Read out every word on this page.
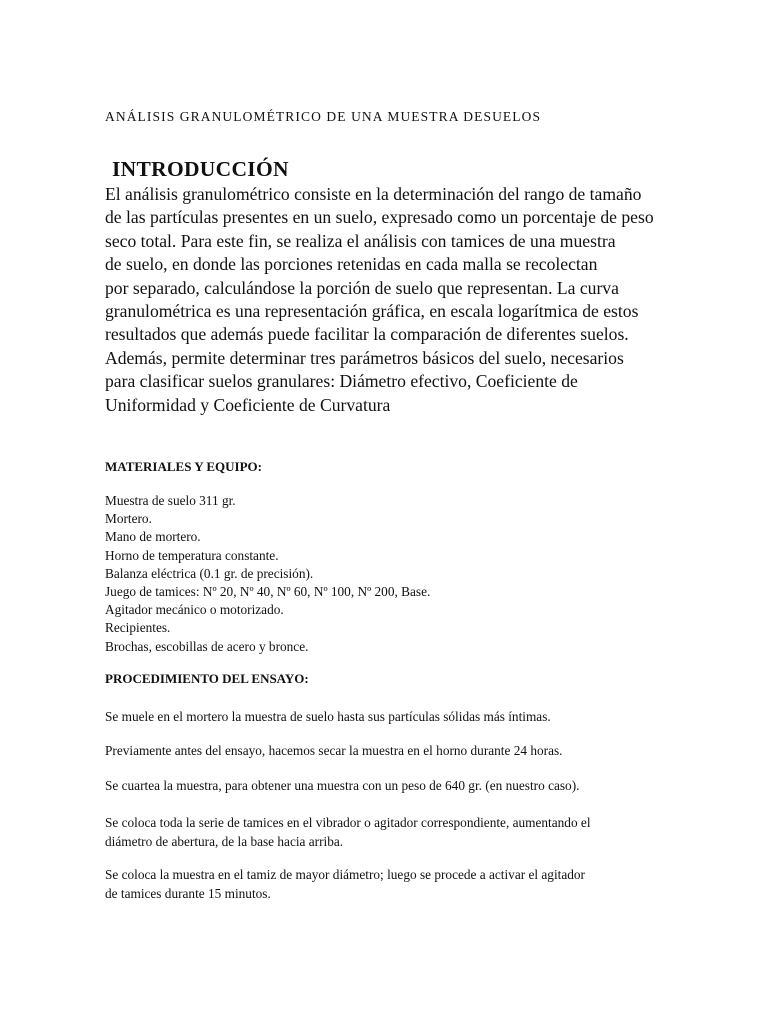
ANÁLISIS GRANULOMÉTRICO DE UNA MUESTRA DESUELOS
INTRODUCCIÓN
El análisis granulométrico consiste en la determinación del rango de tamaño
de las partículas presentes en un suelo, expresado como un porcentaje de peso
seco total. Para este fin, se realiza el análisis con tamices de una muestra
de suelo, en donde las porciones retenidas en cada malla se recolectan
por separado, calculándose la porción de suelo que representan. La curva
granulométrica es una representación gráfica, en escala logarítmica de estos
resultados que además puede facilitar la comparación de diferentes suelos.
Además, permite determinar tres parámetros básicos del suelo, necesarios
para clasificar suelos granulares: Diámetro efectivo, Coeficiente de
Uniformidad y Coeficiente de Curvatura
MATERIALES Y EQUIPO:
Muestra de suelo 311 gr.
Mortero.
Mano de mortero.
Horno de temperatura constante.
Balanza eléctrica (0.1 gr. de precisión).
Juego de tamices: Nº 20, Nº 40, Nº 60, Nº 100, Nº 200, Base.
Agitador mecánico o motorizado.
Recipientes.
Brochas, escobillas de acero y bronce.
PROCEDIMIENTO DEL ENSAYO:
Se muele en el mortero la muestra de suelo hasta sus partículas sólidas más íntimas.
Previamente antes del ensayo, hacemos secar la muestra en el horno durante 24 horas.
Se cuartea la muestra, para obtener una muestra con un peso de 640 gr. (en nuestro caso).
Se coloca toda la serie de tamices en el vibrador o agitador correspondiente, aumentando el
diámetro de abertura, de la base hacia arriba.
Se coloca la muestra en el tamiz de mayor diámetro; luego se procede a activar el agitador
de tamices durante 15 minutos.
